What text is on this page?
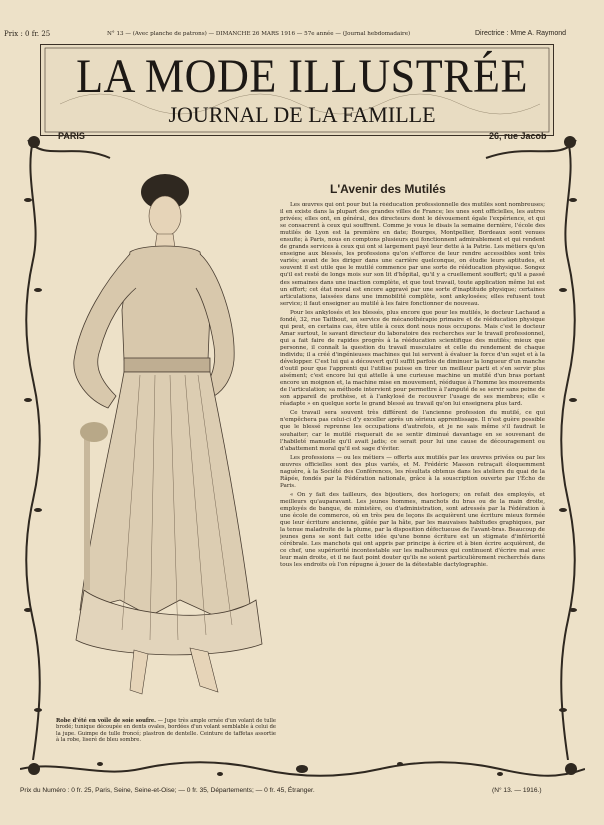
Prix : 0 fr. 25	N° 13 — (Avec planche de patrons) — DIMANCHE 26 MARS 1916 — 57e année — (Journal hebdomadaire)	Directrice : Mme A. Raymond
LA MODE ILLUSTRÉE
JOURNAL DE LA FAMILLE
PARIS	26, rue Jacob
Robe d'été en voile de soie soufre. — Jupe très ample ornée d'un volant de tulle brodé; tunique découpée en dents ovales, bordées d'un volant semblable à celui de la jupe. Guimpe de tulle froncé; plastron de dentelle. Ceinture de taffetas assortie à la robe, liseré de bleu sombre.
L'Avenir des Mutilés

Les œuvres qui ont pour but la rééducation professionnelle des mutilés sont nombreuses; il en existe dans la plupart des grandes villes de France; les unes sont officielles, les autres privées; elles ont, en général, des directeurs dont le dévouement égale l'expérience, et qui se consacrent à ceux qui souffrent. Comme je vous le disais la semaine dernière, l'école des mutilés de Lyon est la première en date; Bourges, Montpellier, Bordeaux sont venues ensuite; à Paris, nous en comptons plusieurs qui fonctionnent admirablement et qui rendent de grands services à ceux qui ont si largement payé leur dette à la Patrie. Les métiers qu'on enseigne aux blessés, les professions qu'on s'efforce de leur rendre accessibles sont très variés; avant de les diriger dans une carrière quelconque, on étudie leurs aptitudes, et souvent il est utile que le mutilé commence par une sorte de rééducation physique. Songez qu'il est resté de longs mois sur son lit d'hôpital, qu'il y a cruellement souffert; qu'il a passé des semaines dans une inaction complète, et que tout travail, toute application même lui est un effort; cet état moral est encore aggravé par une sorte d'inaptitude physique; certaines articulations, laissées dans une immobilité complète, sont ankylosées; elles refusent tout service; il faut enseigner au mutilé à les faire fonctionner de nouveau.

Pour les ankylosés et les blessés, plus encore que pour les mutilés, le docteur Lachaud a fondé, 32, rue Taitbout, un service de mécanothérapie primaire et de rééducation physique qui peut, en certains cas, être utile à ceux dont nous nous occupons. Mais c'est le docteur Amar surtout, le savant directeur du laboratoire des recherches sur le travail professionnel, qui a fait faire de rapides progrès à la rééducation scientifique des mutilés; mieux que personne, il connaît la question du travail musculaire et celle du rendement de chaque individu; il a créé d'ingénieuses machines qui lui servent à évaluer la force d'un sujet et à la développer. C'est lui qui a découvert qu'il suffit parfois de diminuer la longueur d'un manche d'outil pour que l'apprenti qui l'utilise puisse en tirer un meilleur parti et s'en servir plus aisément; c'est encore lui qui attelle à une curieuse machine un mutilé d'un bras portant encore un moignon et, la machine mise en mouvement, rééduque à l'homme les mouvements de l'articulation; sa méthode intervient pour permettre à l'amputé de se servir sans peine de son appareil de prothèse, et à l'ankylosé de recouvrer l'usage de ses membres; elle « réadapte » en quelque sorte le grand blessé au travail qu'on lui enseignera plus tard.

Ce travail sera souvent très différent de l'ancienne profession du mutilé, ce qui n'empêchera pas celui-ci d'y exceller après un sérieux apprentissage. Il n'est guère possible que le blessé reprenne les occupations d'autrefois, et je ne sais même s'il faudrait le souhaiter; car le mutilé risquerait de se sentir diminué davantage en se souvenant de l'habileté manuelle qu'il avait jadis; ce serait pour lui une cause de découragement ou d'abattement moral qu'il est sage d'éviter.

Les professions — ou les métiers — offerts aux mutilés par les œuvres privées ou par les œuvres officielles sont des plus variés, et M. Frédéric Masson retraçait éloquemment naguère, à la Société des Conférences, les résultats obtenus dans les ateliers du quai de la Râpée, fondés par la Fédération nationale, grâce à la souscription ouverte par l'Écho de Paris.

« On y fait des tailleurs, des bijoutiers, des horlogers; on refait des employés, et meilleurs qu'auparavant. Les jeunes hommes, manchots du bras ou de la main droite, employés de banque, de ministère, ou d'administration, sont adressés par la Fédération à une école de commerce, où en très peu de leçons ils acquièrent une écriture mieux formée que leur écriture ancienne, gâtée par la hâte, par les mauvaises habitudes graphiques, par la tenue maladroite de la plume, par la disposition défectueuse de l'avant-bras. Beaucoup de jeunes gens se sont fait cette idée qu'une bonne écriture est un stigmate d'infériorité cérébrale. Les manchots qui ont appris par principe à écrire et à bien écrire acquièrent, de ce chef, une supériorité incontestable sur les malheureux qui continuent d'écrire mal avec leur main droite, et il ne faut point douter qu'ils ne soient particulièrement recherchés dans tous les endroits où l'on répugne à jouer de la détestable dactylographie.

Prix du Numéro : 0 fr. 25, Paris, Seine, Seine-et-Oise; — 0 fr. 35, Départements; — 0 fr. 45, Étranger.	(N° 13. — 1916.)
